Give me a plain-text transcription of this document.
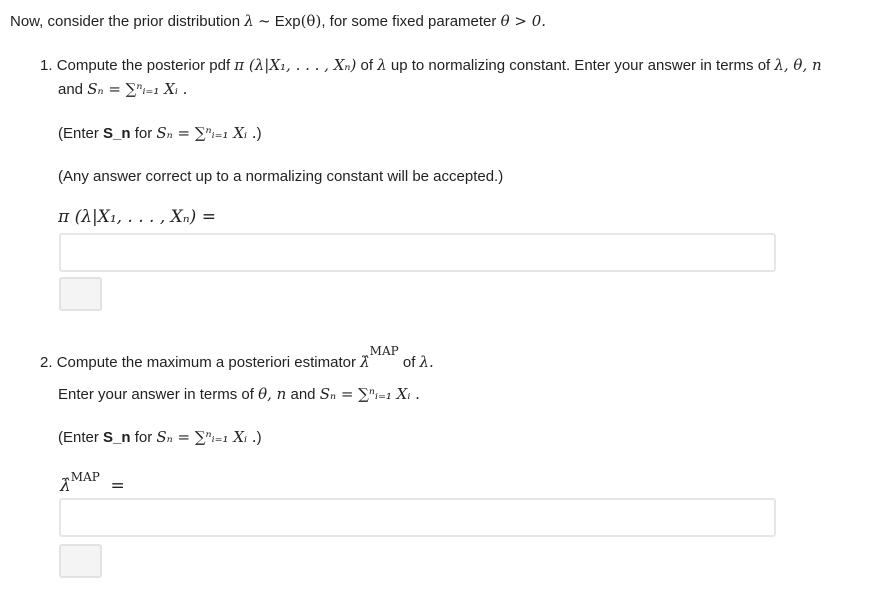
Now, consider the prior distribution λ ~ Exp(θ), for some fixed parameter θ > 0.
1. Compute the posterior pdf π (λ|X₁, . . . , Xₙ) of λ up to normalizing constant. Enter your answer in terms of λ, θ, n
and Sₙ = ∑ⁿᵢ₌₁ Xᵢ .
(Enter S_n for Sₙ = ∑ⁿᵢ₌₁ Xᵢ .)
(Any answer correct up to a normalizing constant will be accepted.)
π (λ|X₁, . . . , Xₙ) =
2. Compute the maximum a posteriori estimator λ̂$^{MAP}$ of λ.
Enter your answer in terms of θ, n and Sₙ = ∑ⁿᵢ₌₁ Xᵢ .
(Enter S_n for Sₙ = ∑ⁿᵢ₌₁ Xᵢ .)
λ̂$^{MAP}$ =
